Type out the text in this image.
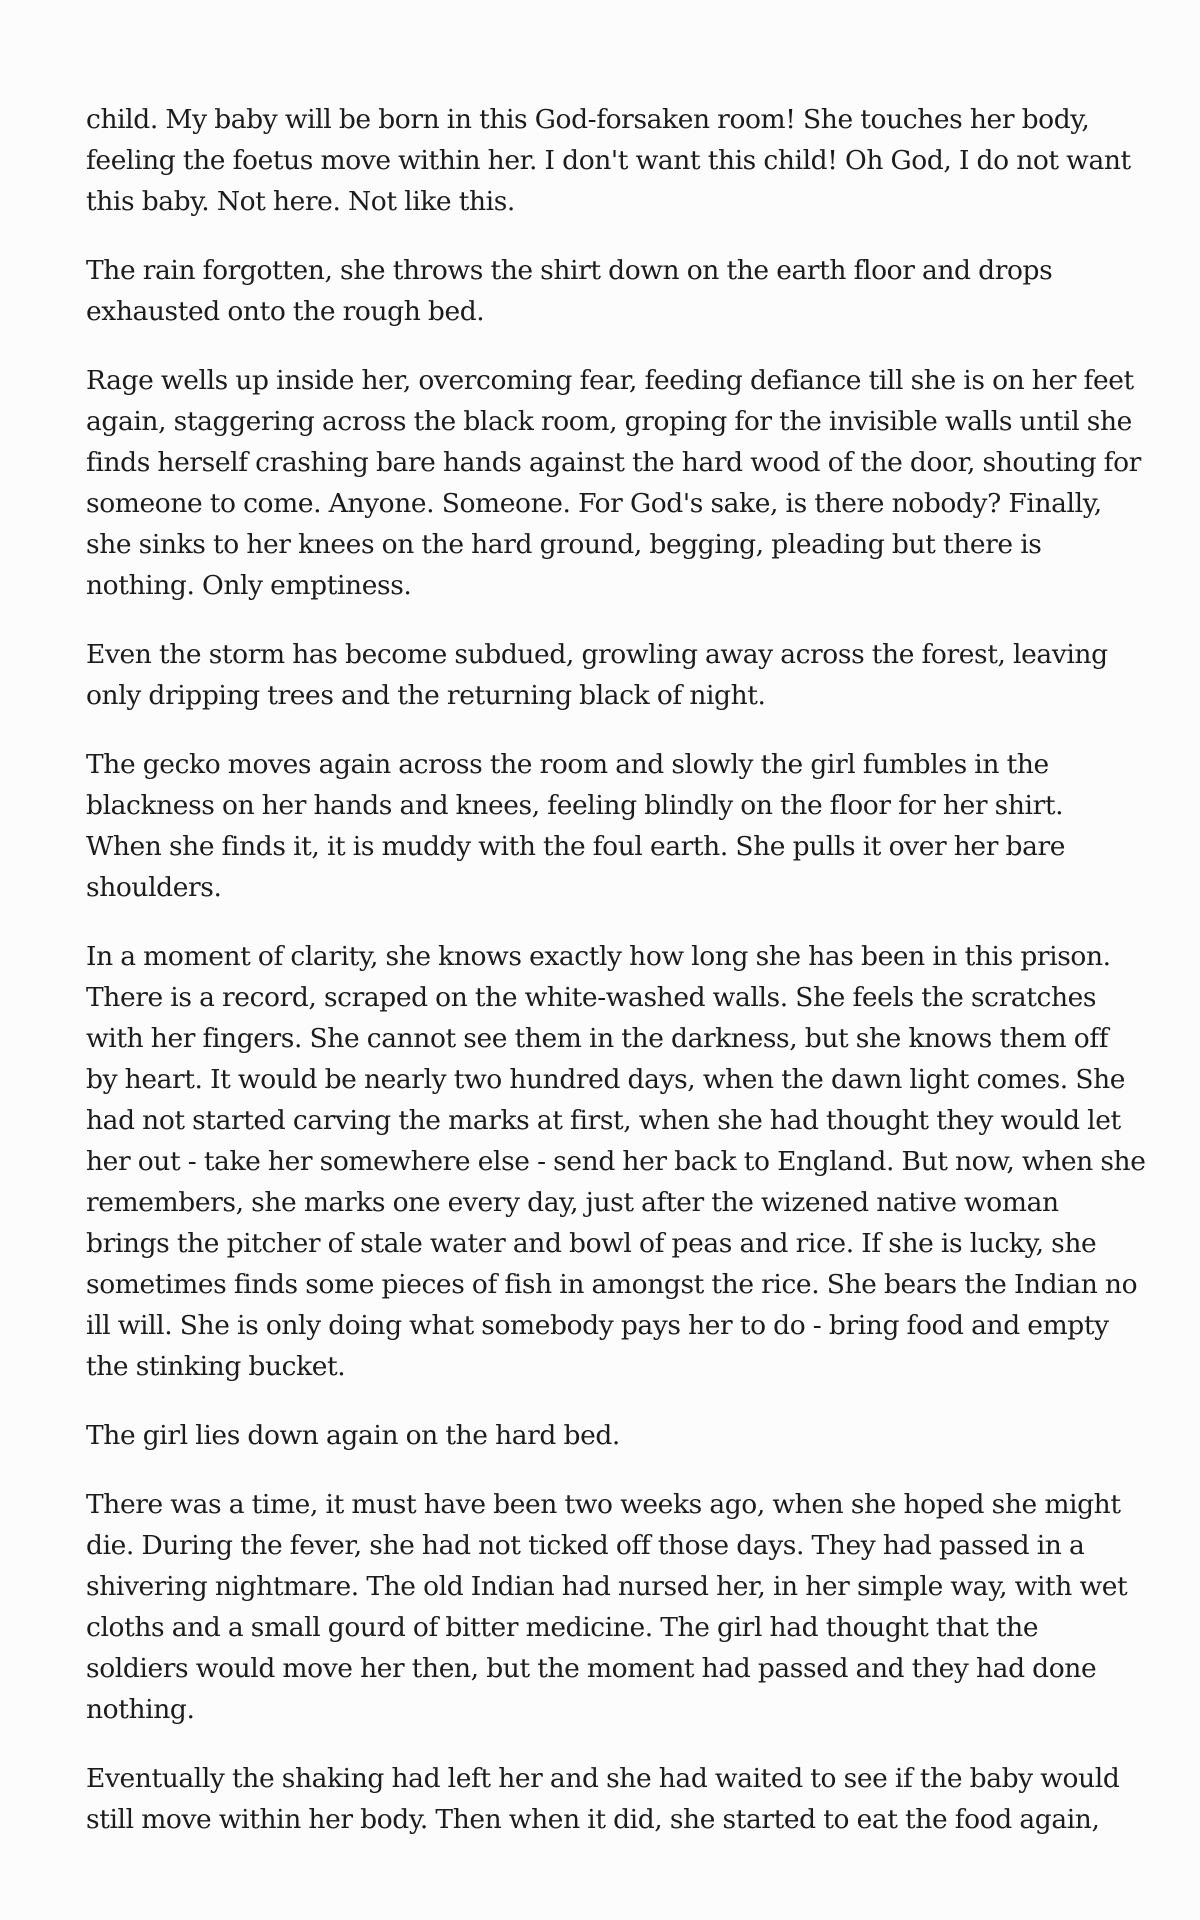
child. My baby will be born in this God-forsaken room! She touches her body, feeling the foetus move within her. I don't want this child! Oh God, I do not want this baby. Not here. Not like this.

The rain forgotten, she throws the shirt down on the earth floor and drops exhausted onto the rough bed.

Rage wells up inside her, overcoming fear, feeding defiance till she is on her feet again, staggering across the black room, groping for the invisible walls until she finds herself crashing bare hands against the hard wood of the door, shouting for someone to come. Anyone. Someone. For God's sake, is there nobody? Finally, she sinks to her knees on the hard ground, begging, pleading but there is nothing. Only emptiness.

Even the storm has become subdued, growling away across the forest, leaving only dripping trees and the returning black of night.

The gecko moves again across the room and slowly the girl fumbles in the blackness on her hands and knees, feeling blindly on the floor for her shirt. When she finds it, it is muddy with the foul earth. She pulls it over her bare shoulders.

In a moment of clarity, she knows exactly how long she has been in this prison. There is a record, scraped on the white-washed walls. She feels the scratches with her fingers. She cannot see them in the darkness, but she knows them off by heart. It would be nearly two hundred days, when the dawn light comes. She had not started carving the marks at first, when she had thought they would let her out - take her somewhere else - send her back to England. But now, when she remembers, she marks one every day, just after the wizened native woman brings the pitcher of stale water and bowl of peas and rice. If she is lucky, she sometimes finds some pieces of fish in amongst the rice. She bears the Indian no ill will. She is only doing what somebody pays her to do - bring food and empty the stinking bucket.

The girl lies down again on the hard bed.

There was a time, it must have been two weeks ago, when she hoped she might die. During the fever, she had not ticked off those days. They had passed in a shivering nightmare. The old Indian had nursed her, in her simple way, with wet cloths and a small gourd of bitter medicine. The girl had thought that the soldiers would move her then, but the moment had passed and they had done nothing.

Eventually the shaking had left her and she had waited to see if the baby would still move within her body. Then when it did, she started to eat the food again,
